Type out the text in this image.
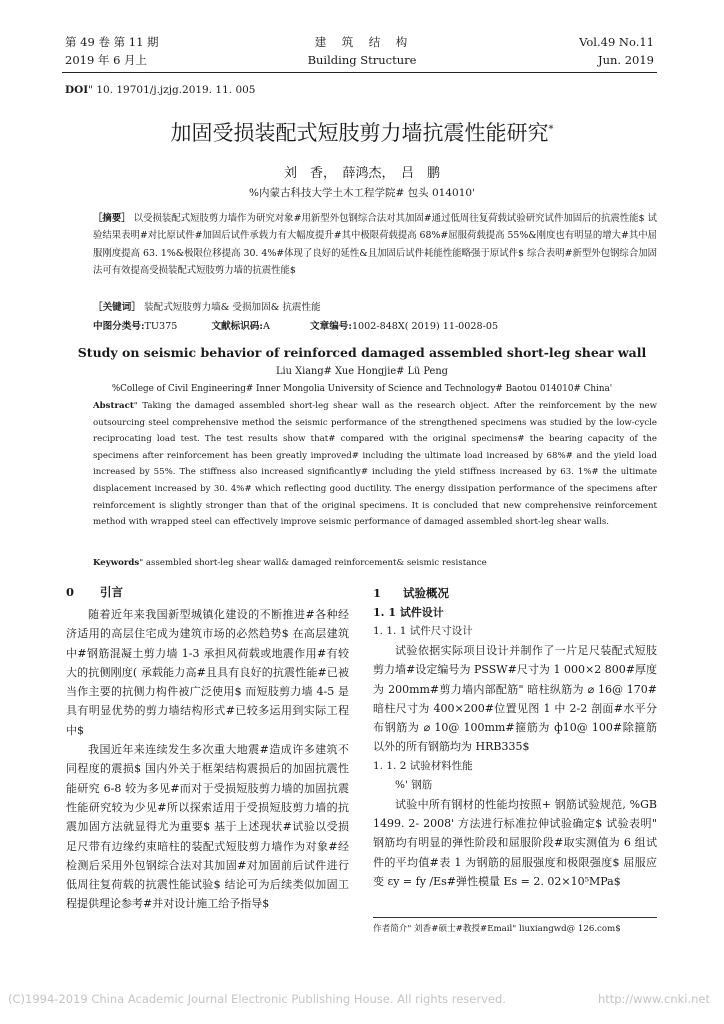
第 49 卷 第 11 期
2019 年 6 月上
建　筑　结　构
Building Structure
Vol.49 No.11
Jun. 2019
DOI" 10. 19701/j.jzjg.2019. 11. 005
加固受损装配式短肢剪力墙抗震性能研究*
刘　香，　薛鸿杰，　吕　鹏
%内蒙古科技大学土木工程学院# 包头 014010'
［摘要］ 以受损装配式短肢剪力墙作为研究对象#用新型外包钢综合法对其加固#通过低周往复荷载试验研究试件加固后的抗震性能$ 试验结果表明#对比原试件#加固后试件承载力有大幅度提升#其中极限荷载提高 68%#屈服荷载提高 55%&刚度也有明显的增大#其中屈服刚度提高 63. 1%&极限位移提高 30. 4%#体现了良好的延性&且加固后试件耗能性能略强于原试件$ 综合表明#新型外包钢综合加固法可有效提高受损装配式短肢剪力墙的抗震性能$
［关键词］ 装配式短肢剪力墙& 受损加固& 抗震性能
中图分类号:TU375	文献标识码:A	文章编号:1002-848X( 2019) 11-0028-05
Study on seismic behavior of reinforced damaged assembled short-leg shear wall
Liu Xiang# Xue Hongjie# Lü Peng
%College of Civil Engineering# Inner Mongolia University of Science and Technology# Baotou 014010# China'
Abstract" Taking the damaged assembled short-leg shear wall as the research object. After the reinforcement by the new outsourcing steel comprehensive method the seismic performance of the strengthened specimens was studied by the low-cycle reciprocating load test. The test results show that# compared with the original specimens# the bearing capacity of the specimens after reinforcement has been greatly improved# including the ultimate load increased by 68%# and the yield load increased by 55%. The stiffness also increased significantly# including the yield stiffness increased by 63. 1%# the ultimate displacement increased by 30. 4%# which reflecting good ductility. The energy dissipation performance of the specimens after reinforcement is slightly stronger than that of the original specimens. It is concluded that new comprehensive reinforcement method with wrapped steel can effectively improve seismic performance of damaged assembled short-leg shear walls.
Keywords" assembled short-leg shear wall& damaged reinforcement& seismic resistance
0 引言

随着近年来我国新型城镇化建设的不断推进#各种经济适用的高层住宅成为建筑市场的必然趋势$ 在高层建筑中#钢筋混凝土剪力墙 1-3 承担风荷载或地震作用#有较大的抗侧刚度( 承载能力高#且具有良好的抗震性能#已被当作主要的抗侧力构件被广泛使用$ 而短肢剪力墙 4-5 是具有明显优势的剪力墙结构形式#已较多运用到实际工程中$

我国近年来连续发生多次重大地震#造成许多建筑不同程度的震损$ 国内外关于框架结构震损后的加固抗震性能研究 6-8 较为多见#而对于受损短肢剪力墙的加固抗震性能研究较为少见#所以探索适用于受损短肢剪力墙的抗震加固方法就显得尤为重要$ 基于上述现状#试验以受损足尺带有边缘约束暗柱的装配式短肢剪力墙作为对象#经检测后采用外包钢综合法对其加固#对加固前后试件进行低周往复荷载的抗震性能试验$ 结论可为后续类似加固工程提供理论参考#并对设计施工给予指导$

1 试验概况
1. 1 试件设计
1. 1. 1 试件尺寸设计

试验依据实际项目设计并制作了一片足尺装配式短肢剪力墙#设定编号为 PSSW#尺寸为 1 000×2 800#厚度为 200mm#剪力墙内部配筋" 暗柱纵筋为 ⌀ 16@ 170#暗柱尺寸为 400×200#位置见图 1 中 2-2 剖面#水平分布钢筋为 ⌀ 10@ 100mm#箍筋为 ф10@ 100#除箍筋以外的所有钢筋均为 HRB335$

1. 1. 2 试验材料性能
%' 钢筋

试验中所有钢材的性能均按照+ 钢筋试验规范, %GB 1499. 2- 2008' 方法进行标准拉伸试验确定$ 试验表明" 钢筋均有明显的弹性阶段和屈服阶段#取实测值为 6 组试件的平均值#表 1 为钢筋的屈服强度和极限强度$ 屈服应变 εy = fy /Es#弹性模量 Es = 2. 02×10⁵MPa$

作者简介" 刘香#硕士#教授#Email" liuxiangwd@ 126.com$
(C)1994-2019 China Academic Journal Electronic Publishing House. All rights reserved.	http://www.cnki.net
